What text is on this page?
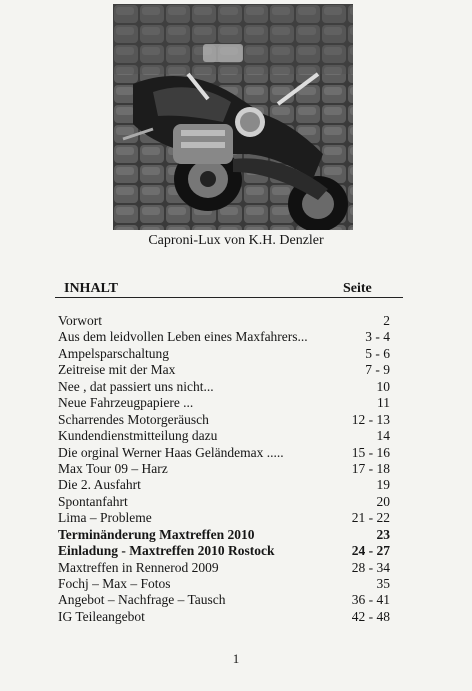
Caproni-Lux von K.H. Denzler
INHALT	Seite
Vorwort	2
Aus dem leidvollen Leben eines Maxfahrers...	3 - 4
Ampelsparschaltung	5 - 6
Zeitreise mit der Max	7 - 9
Nee , dat passiert uns nicht...	10
Neue Fahrzeugpapiere ...	11
Scharrendes Motorgeräusch	12 - 13
Kundendienstmitteilung dazu	14
Die orginal Werner Haas Geländemax .....	15 - 16
Max Tour 09 – Harz	17 - 18
Die 2. Ausfahrt	19
Spontanfahrt	20
Lima – Probleme	21 - 22
Terminänderung Maxtreffen 2010	23
Einladung - Maxtreffen 2010 Rostock	24 - 27
Maxtreffen in Rennerod 2009	28 - 34
Fochj – Max – Fotos	35
Angebot – Nachfrage – Tausch	36 - 41
IG Teileangebot	42 - 48
1
